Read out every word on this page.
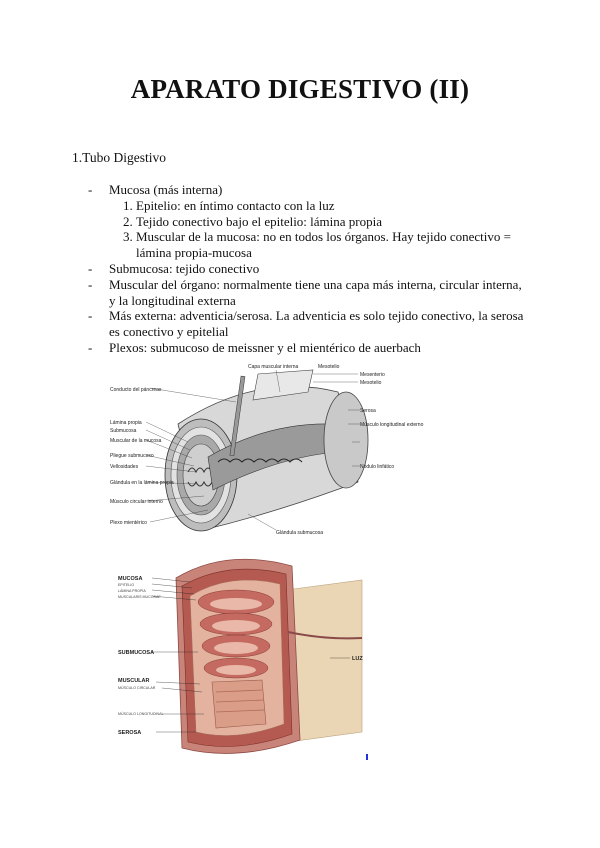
APARATO DIGESTIVO (II)
1.Tubo Digestivo
- Mucosa (más interna)
1. Epitelio: en íntimo contacto con la luz
2. Tejido conectivo bajo el epitelio: lámina propia
3. Muscular de la mucosa: no en todos los órganos. Hay tejido conectivo = lámina propia-mucosa
- Submucosa: tejido conectivo
- Muscular del órgano: normalmente tiene una capa más interna, circular interna, y la longitudinal externa
- Más externa: adventicia/serosa. La adventicia es solo tejido conectivo, la serosa es conectivo y epitelial
- Plexos: submucoso de meissner y el mientérico de auerbach
Conducto del páncreas
Lámina propia
Submucosa
Muscular de la mucosa
Pliegue submucoso
Vellosidades
Glándula en la lámina propia
Músculo circular interno
Plexo mientérico
Capa muscular interna	Mesotelio
Mesenterio
Mesotelio
Serosa
Músculo longitudinal externo
Nódulo linfático
Glándula submucosa
MUCOSA
EPITELIO
LÁMINA PROPIA
MUSCULARIS MUCOSAE
SUBMUCOSA
MUSCULAR
MÚSCULO CIRCULAR
MÚSCULO LONGITUDINAL
SEROSA
LUZ
